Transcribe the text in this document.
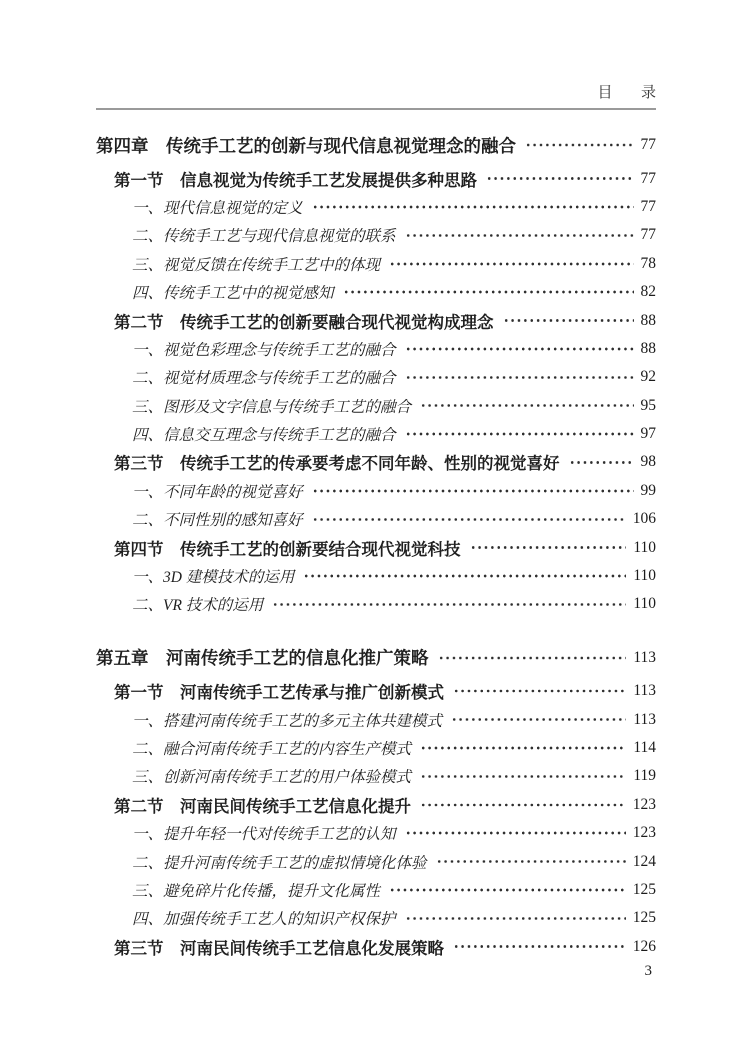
目　录
第四章　传统手工艺的创新与现代信息视觉理念的融合	77
第一节　信息视觉为传统手工艺发展提供多种思路	77
一、现代信息视觉的定义	77
二、传统手工艺与现代信息视觉的联系	77
三、视觉反馈在传统手工艺中的体现	78
四、传统手工艺中的视觉感知	82
第二节　传统手工艺的创新要融合现代视觉构成理念	88
一、视觉色彩理念与传统手工艺的融合	88
二、视觉材质理念与传统手工艺的融合	92
三、图形及文字信息与传统手工艺的融合	95
四、信息交互理念与传统手工艺的融合	97
第三节　传统手工艺的传承要考虑不同年龄、性别的视觉喜好	98
一、不同年龄的视觉喜好	99
二、不同性别的感知喜好	106
第四节　传统手工艺的创新要结合现代视觉科技	110
一、3D 建模技术的运用	110
二、VR 技术的运用	110
第五章　河南传统手工艺的信息化推广策略	113
第一节　河南传统手工艺传承与推广创新模式	113
一、搭建河南传统手工艺的多元主体共建模式	113
二、融合河南传统手工艺的内容生产模式	114
三、创新河南传统手工艺的用户体验模式	119
第二节　河南民间传统手工艺信息化提升	123
一、提升年轻一代对传统手工艺的认知	123
二、提升河南传统手工艺的虚拟情境化体验	124
三、避免碎片化传播，提升文化属性	125
四、加强传统手工艺人的知识产权保护	125
第三节　河南民间传统手工艺信息化发展策略	126
3
